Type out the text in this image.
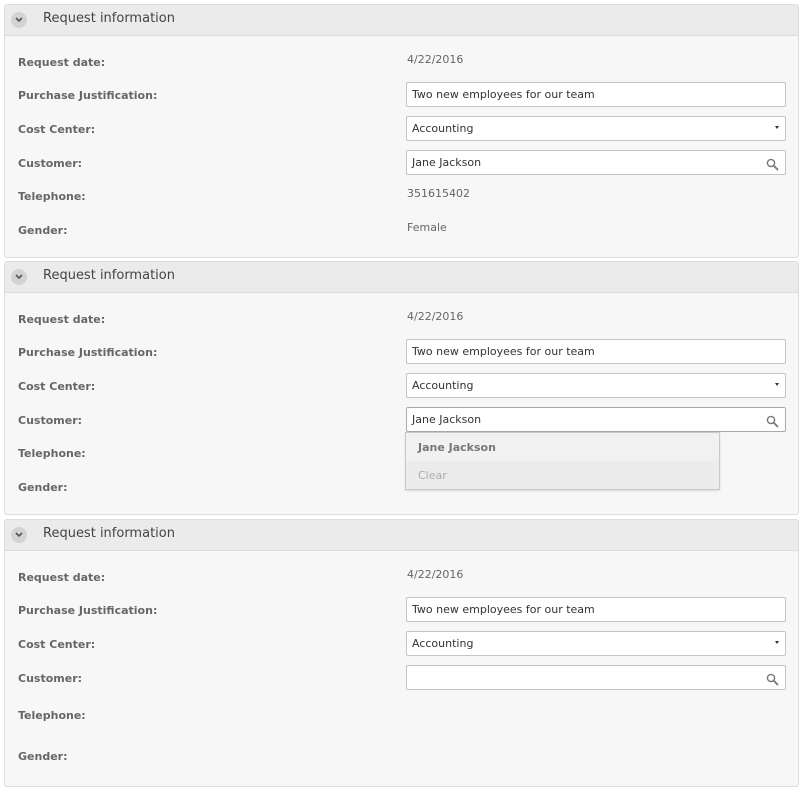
Request information
Request date:	4/22/2016
Purchase Justification:	Two new employees for our team
Cost Center:	Accounting
Customer:	Jane Jackson
Telephone:	351615402
Gender:	Female
Request information
Request date:	4/22/2016
Purchase Justification:	Two new employees for our team
Cost Center:	Accounting
Customer:	Jane Jackson
Telephone:
Gender:
Jane Jackson
Clear
Request information
Request date:	4/22/2016
Purchase Justification:	Two new employees for our team
Cost Center:	Accounting
Customer:
Telephone:
Gender:
